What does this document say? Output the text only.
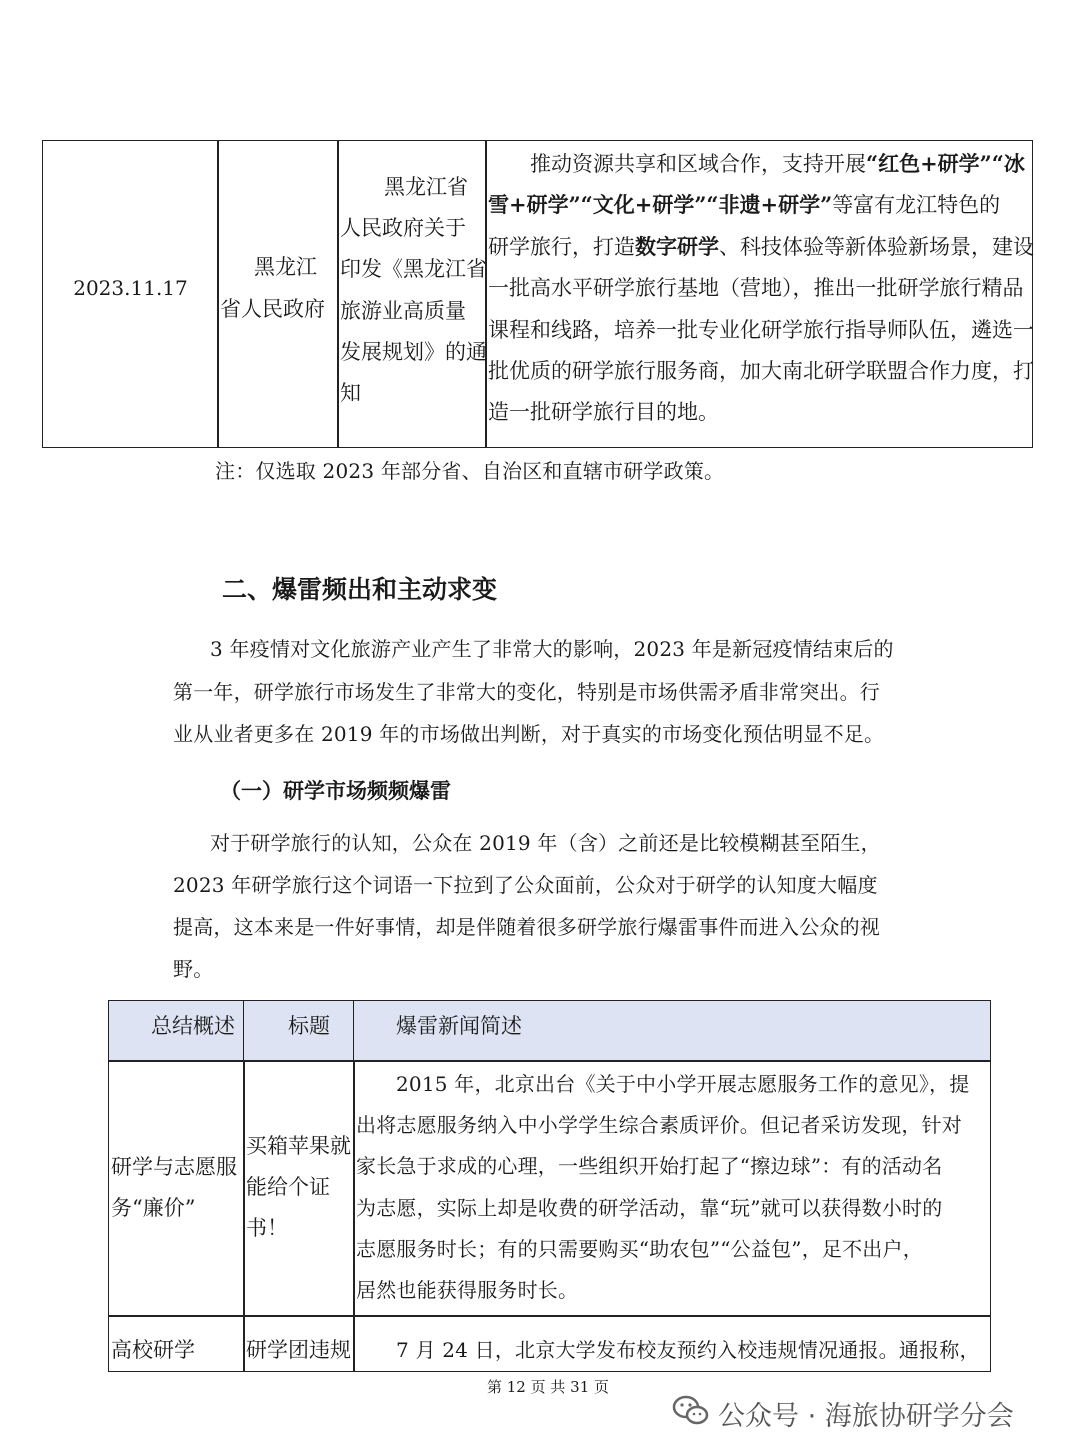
2023.11.17
黑龙江
省人民政府
黑龙江省
人民政府关于
印发《黑龙江省
旅游业高质量
发展规划》的通
知
推动资源共享和区域合作，支持开展“红色+研学”“冰
雪+研学”“文化+研学”“非遗+研学”等富有龙江特色的
研学旅行，打造数字研学、科技体验等新体验新场景，建设
一批高水平研学旅行基地（营地），推出一批研学旅行精品
课程和线路，培养一批专业化研学旅行指导师队伍，遴选一
批优质的研学旅行服务商，加大南北研学联盟合作力度，打
造一批研学旅行目的地。
注：仅选取 2023 年部分省、自治区和直辖市研学政策。
二、爆雷频出和主动求变
3 年疫情对文化旅游产业产生了非常大的影响，2023 年是新冠疫情结束后的
第一年，研学旅行市场发生了非常大的变化，特别是市场供需矛盾非常突出。行
业从业者更多在 2019 年的市场做出判断，对于真实的市场变化预估明显不足。
（一）研学市场频频爆雷
对于研学旅行的认知，公众在 2019 年（含）之前还是比较模糊甚至陌生，
2023 年研学旅行这个词语一下拉到了公众面前，公众对于研学的认知度大幅度
提高，这本来是一件好事情，却是伴随着很多研学旅行爆雷事件而进入公众的视
野。
总结概述	标题	爆雷新闻简述
研学与志愿服
务“廉价”
买箱苹果就
能给个证
书！
2015 年，北京出台《关于中小学开展志愿服务工作的意见》，提
出将志愿服务纳入中小学学生综合素质评价。但记者采访发现，针对
家长急于求成的心理，一些组织开始打起了“擦边球”：有的活动名
为志愿，实际上却是收费的研学活动，靠“玩”就可以获得数小时的
志愿服务时长；有的只需要购买“助农包”“公益包”，足不出户，
居然也能获得服务时长。
高校研学 研学团违规 7 月 24 日，北京大学发布校友预约入校违规情况通报。通报称，
第 12 页 共 31 页
公众号 · 海旅协研学分会
